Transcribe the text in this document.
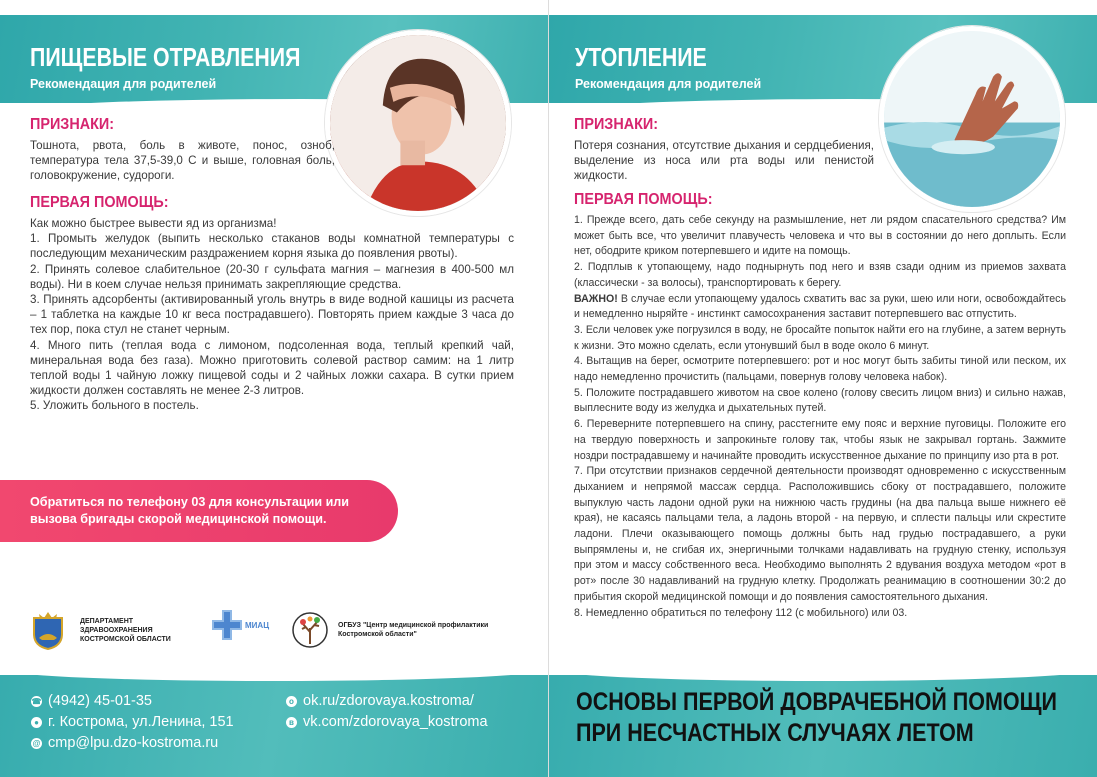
ПИЩЕВЫЕ ОТРАВЛЕНИЯ
Рекомендация для родителей
ПРИЗНАКИ:
Тошнота, рвота, боль в животе, понос, озноб, температура тела 37,5-39,0 С и выше, головная боль, головокружение, судороги.
ПЕРВАЯ ПОМОЩЬ:

Как можно быстрее вывести яд из организма!

1. Промыть желудок (выпить несколько стаканов воды комнатной температуры с последующим механическим раздражением корня языка до появления рвоты).

2. Принять солевое слабительное (20-30 г сульфата магния – магнезия в 400-500 мл воды). Ни в коем случае нельзя принимать закрепляющие средства.

3. Принять адсорбенты (активированный уголь внутрь в виде водной кашицы из расчета – 1 таблетка на каждые 10 кг веса пострадавшего). Повторять прием каждые 3 часа до тех пор, пока стул не станет черным.

4. Много пить (теплая вода с лимоном, подсоленная вода, теплый крепкий чай, минеральная вода без газа). Можно приготовить солевой раствор самим: на 1 литр теплой воды 1 чайную ложку пищевой соды и 2 чайных ложки сахара. В сутки прием жидкости должен составлять не менее 2-3 литров.

5. Уложить больного в постель.

Обратиться по телефону 03 для консультации или вызова бригады скорой медицинской помощи.
ДЕПАРТАМЕНТ ЗДРАВООХРАНЕНИЯ КОСТРОМСКОЙ ОБЛАСТИ
МИАЦ	ОГБУЗ "Центр медицинской профилактики Костромской области"
☎ (4942) 45-01-35
● г. Кострома, ул.Ленина, 151
@ cmp@lpu.dzo-kostroma.ru
o ok.ru/zdorovaya.kostroma/
в vk.com/zdorovaya_kostroma
УТОПЛЕНИЕ
Рекомендация для родителей
ПРИЗНАКИ:
Потеря сознания, отсутствие дыхания и сердцебиения, выделение из носа или рта воды или пенистой жидкости.
ПЕРВАЯ ПОМОЩЬ:

1. Прежде всего, дать себе секунду на размышление, нет ли рядом спасательного средства? Им может быть все, что увеличит плавучесть человека и что вы в состоянии до него доплыть. Если нет, ободрите криком потерпевшего и идите на помощь.

2. Подплыв к утопающему, надо поднырнуть под него и взяв сзади одним из приемов захвата (классически - за волосы), транспортировать к берегу.

ВАЖНО! В случае если утопающему удалось схватить вас за руки, шею или ноги, освобождайтесь и немедленно ныряйте - инстинкт самосохранения заставит потерпевшего вас отпустить.

3. Если человек уже погрузился в воду, не бросайте попыток найти его на глубине, а затем вернуть к жизни. Это можно сделать, если утонувший был в воде около 6 минут.

4. Вытащив на берег, осмотрите потерпевшего: рот и нос могут быть забиты тиной или песком, их надо немедленно прочистить (пальцами, повернув голову человека набок).

5. Положите пострадавшего животом на свое колено (голову свесить лицом вниз) и сильно нажав, выплесните воду из желудка и дыхательных путей.

6. Переверните потерпевшего на спину, расстегните ему пояс и верхние пуговицы. Положите его на твердую поверхность и запрокиньте голову так, чтобы язык не закрывал гортань. Зажмите ноздри пострадавшему и начинайте проводить искусственное дыхание по принципу изо рта в рот.

7. При отсутствии признаков сердечной деятельности производят одновременно с искусственным дыханием и непрямой массаж сердца. Расположившись сбоку от пострадавшего, положите выпуклую часть ладони одной руки на нижнюю часть грудины (на два пальца выше нижнего её края), не касаясь пальцами тела, а ладонь второй - на первую, и сплести пальцы или скрестите ладони. Плечи оказывающего помощь должны быть над грудью пострадавшего, а руки выпрямлены и, не сгибая их, энергичными толчками надавливать на грудную стенку, используя при этом и массу собственного веса. Необходимо выполнять 2 вдувания воздуха методом «рот в рот» после 30 надавливаний на грудную клетку. Продолжать реанимацию в соотношении 30:2 до прибытия скорой медицинской помощи и до появления самостоятельного дыхания.

8. Немедленно обратиться по телефону 112 (с мобильного) или 03.

ОСНОВЫ ПЕРВОЙ ДОВРАЧЕБНОЙ ПОМОЩИ
ПРИ НЕСЧАСТНЫХ СЛУЧАЯХ ЛЕТОМ
